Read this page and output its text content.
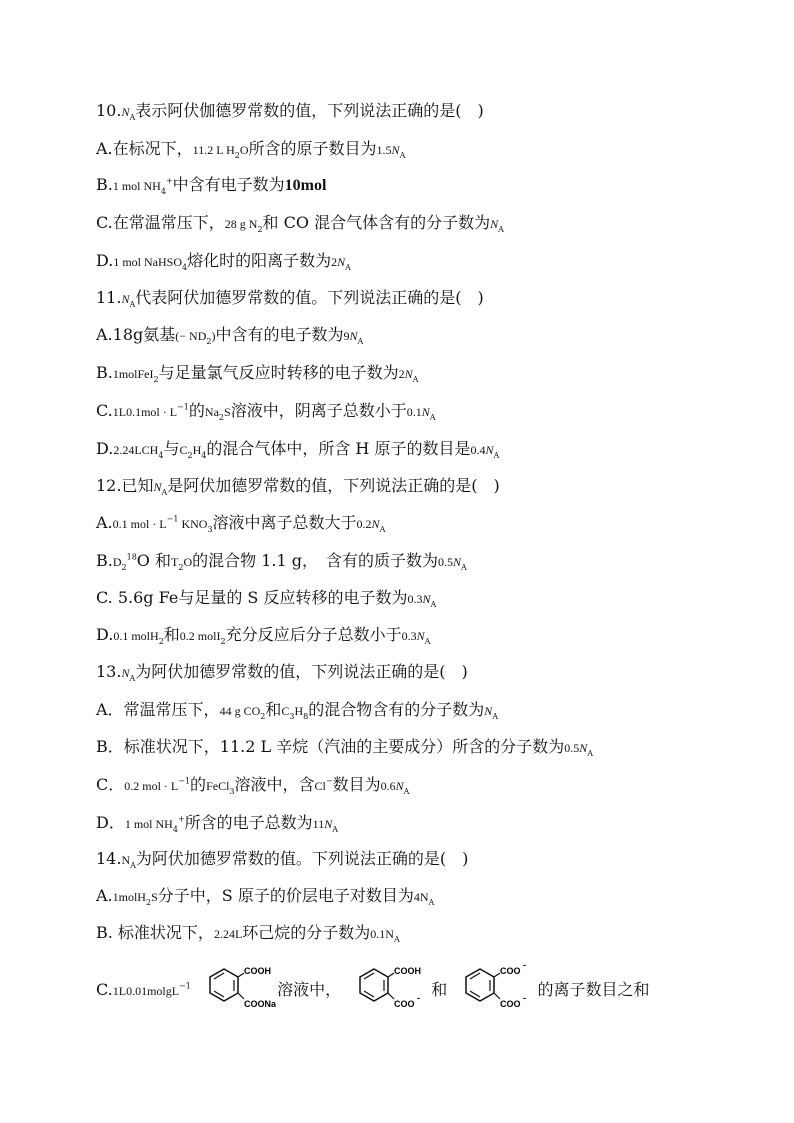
$10.N_A$表示阿伏伽德罗常数的值，下列说法正确的是(　)
A.在标况下，11.2 L $H_2O$所含的原子数目为$1.5N_A$
B.1 mol $NH_4^+$中含有电子数为10mol
C.在常温常压下，28 g $N_2$和 CO 混合气体含有的分子数为$N_A$
D.1 mol NaHSO$_4$熔化时的阳离子数为$2N_A$
$11.N_A$代表阿伏加德罗常数的值。下列说法正确的是(　)
A.18g氨基(− $ND_2$)中含有的电子数为$9N_A$
B.1molFeI$_2$与足量氯气反应时转移的电子数为$2N_A$
$C.1L0.1mol \cdot L^{-1}$的$Na_2S$溶液中，阴离子总数小于$0.1N_A$
$D.2.24LCH_4$与$C_2H_4$的混合气体中，所含 H 原子的数目是$0.4N_A$
12.已知$N_A$是阿伏加德罗常数的值，下列说法正确的是(　)
A.0.1 mol · $L^{-1}$ $KNO_3$溶液中离子总数大于$0.2N_A$
$B.D_2^{18}O$ 和$T_2O$的混合物 1.1 g，　含有的质子数为$0.5N_A$
C. 5.6g Fe与足量的 S 反应转移的电子数为$0.3N_A$
D.0.1 molH$_2$和0.2 molI$_2$充分反应后分子总数小于$0.3N_A$
$13.N_A$为阿伏加德罗常数的值，下列说法正确的是(　)
A．常温常压下，44 g $CO_2$和$C_3H_8$的混合物含有的分子数为$N_A$
B．标准状况下，11.2 L 辛烷（汽油的主要成分）所含的分子数为$0.5N_A$
C．0.2 mol · $L^{-1}$的FeCl$_3$溶液中，含Cl−数目为$0.6N_A$
D．1 mol $NH_4^+$所含的电子总数为$11N_A$
$14.N_A$为阿伏加德罗常数的值。下列说法正确的是(　)
A.1molH$_2$S分子中，S 原子的价层电子对数目为$4N_A$
B. 标准状况下，2.24L环己烷的分子数为$0.1N_A$
C.1L0.01molgL$^{-1}$
COOH
COONa
溶液中，
COOH
COO
- 和
COO
-
COO
- 的离子数目之和
